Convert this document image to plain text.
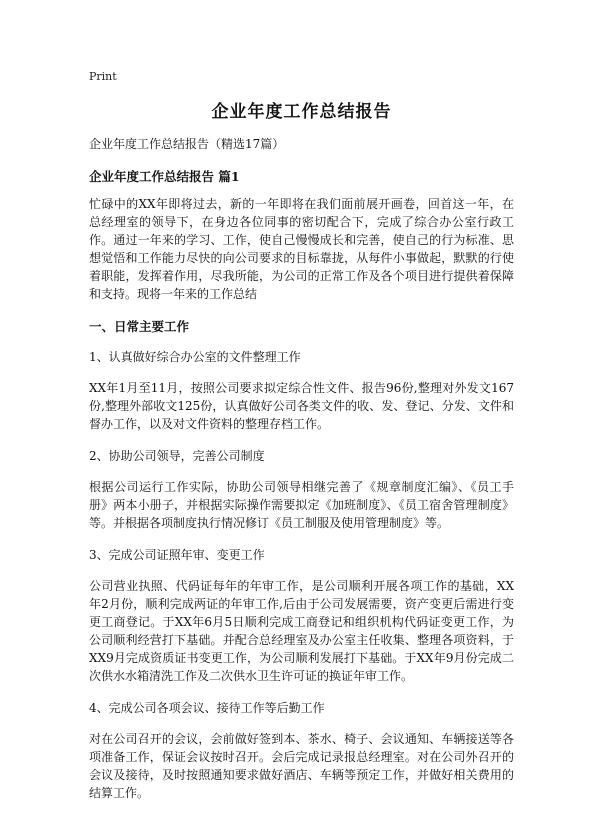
Print
企业年度工作总结报告
企业年度工作总结报告（精选17篇）
企业年度工作总结报告 篇1

忙碌中的XX年即将过去，新的一年即将在我们面前展开画卷，回首这一年，在总经理室的领导下，在身边各位同事的密切配合下，完成了综合办公室行政工作。通过一年来的学习、工作，使自己慢慢成长和完善，使自己的行为标准、思想觉悟和工作能力尽快的向公司要求的目标靠拢，从每件小事做起，默默的行使着职能，发挥着作用，尽我所能，为公司的正常工作及各个项目进行提供着保障和支持。现将一年来的工作总结

一、日常主要工作
1、认真做好综合办公室的文件整理工作

XX年1月至11月，按照公司要求拟定综合性文件、报告96份,整理对外发文167份,整理外部收文125份，认真做好公司各类文件的收、发、登记、分发、文件和督办工作，以及对文件资料的整理存档工作。

2、协助公司领导，完善公司制度

根据公司运行工作实际，协助公司领导相继完善了《规章制度汇编》、《员工手册》两本小册子，并根据实际操作需要拟定《加班制度》、《员工宿舍管理制度》等。并根据各项制度执行情况修订《员工制服及使用管理制度》等。

3、完成公司证照年审、变更工作

公司营业执照、代码证每年的年审工作，是公司顺利开展各项工作的基础，XX年2月份，顺利完成两证的年审工作,后由于公司发展需要，资产变更后需进行变更工商登记。于XX年6月5日顺利完成工商登记和组织机构代码证变更工作，为公司顺利经营打下基础。并配合总经理室及办公室主任收集、整理各项资料，于XX9月完成资质证书变更工作，为公司顺利发展打下基础。于XX年9月份完成二次供水水箱清洗工作及二次供水卫生许可证的换证年审工作。

4、完成公司各项会议、接待工作等后勤工作

对在公司召开的会议，会前做好签到本、茶水、椅子、会议通知、车辆接送等各项准备工作，保证会议按时召开。会后完成记录报总经理室。对在公司外召开的会议及接待，及时按照通知要求做好酒店、车辆等预定工作，并做好相关费用的结算工作。
